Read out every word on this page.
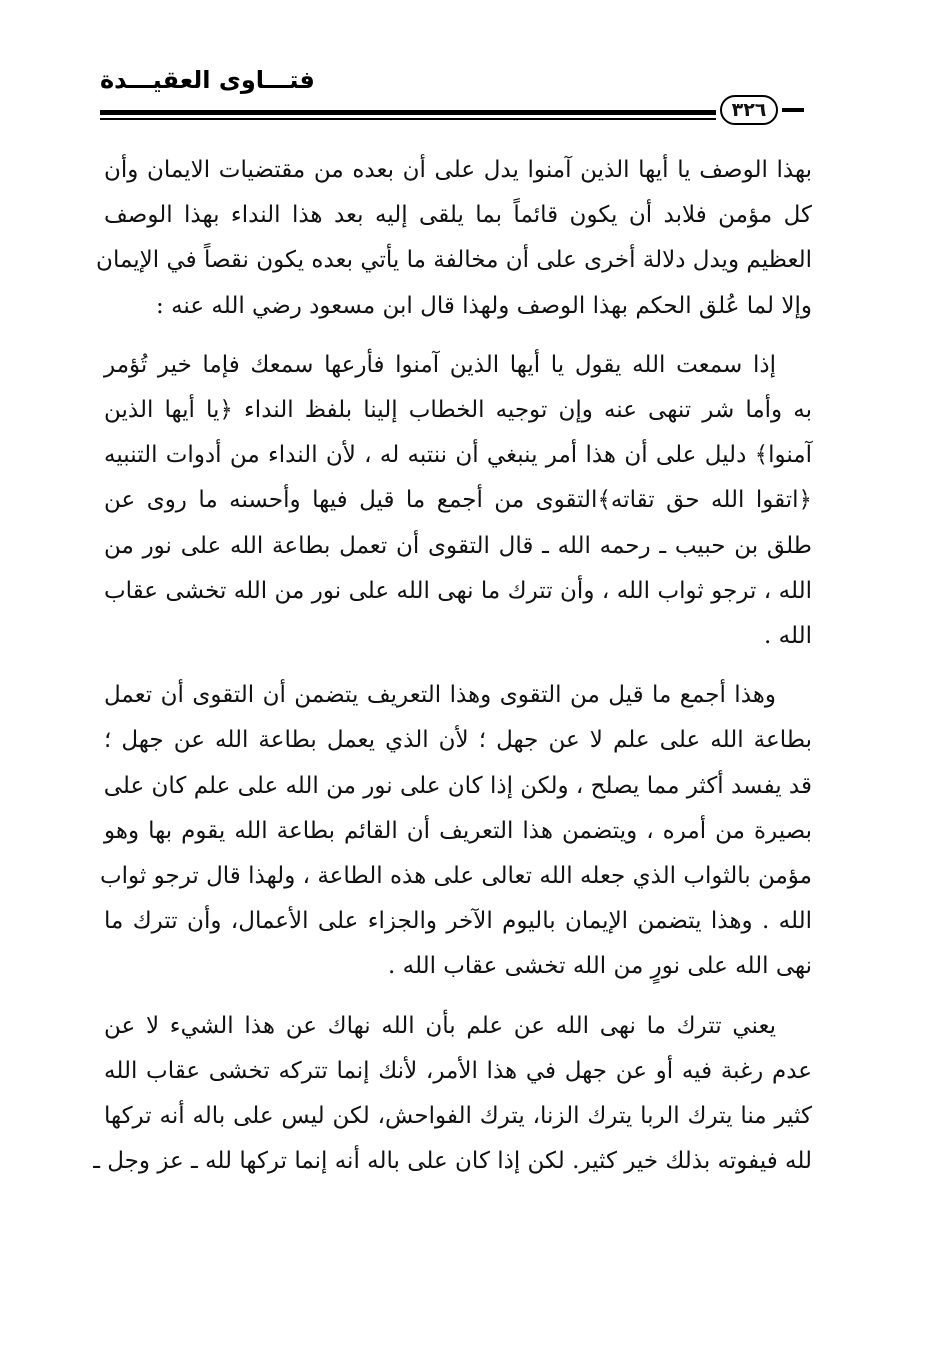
فتـــاوى العقيـــدة
٣٢٦
بهذا الوصف يا أيها الذين آمنوا يدل على أن بعده من مقتضيات الايمان وأن
كل مؤمن فلابد أن يكون قائماً بما يلقى إليه بعد هذا النداء بهذا الوصف
العظيم ويدل دلالة أخرى على أن مخالفة ما يأتي بعده يكون نقصاً في الإيمان
وإلا لما عُلق الحكم بهذا الوصف ولهذا قال ابن مسعود رضي الله عنه :
إذا سمعت الله يقول يا أيها الذين آمنوا فأرعها سمعك فإما خير تُؤمر
به وأما شر تنهى عنه وإن توجيه الخطاب إلينا بلفظ النداء ﴿يا أيها الذين
آمنوا﴾ دليل على أن هذا أمر ينبغي أن ننتبه له ، لأن النداء من أدوات التنبيه
﴿اتقوا الله حق تقاته﴾التقوى من أجمع ما قيل فيها وأحسنه ما روى عن
طلق بن حبيب ـ رحمه الله ـ قال التقوى أن تعمل بطاعة الله على نور من
الله ، ترجو ثواب الله ، وأن تترك ما نهى الله على نور من الله تخشى عقاب
الله .
وهذا أجمع ما قيل من التقوى وهذا التعريف يتضمن أن التقوى أن تعمل
بطاعة الله على علم لا عن جهل ؛ لأن الذي يعمل بطاعة الله عن جهل ؛
قد يفسد أكثر مما يصلح ، ولكن إذا كان على نور من الله على علم كان على
بصيرة من أمره ، ويتضمن هذا التعريف أن القائم بطاعة الله يقوم بها وهو
مؤمن بالثواب الذي جعله الله تعالى على هذه الطاعة ، ولهذا قال ترجو ثواب
الله . وهذا يتضمن الإيمان باليوم الآخر والجزاء على الأعمال، وأن تترك ما
نهى الله على نورٍ من الله تخشى عقاب الله .
يعني تترك ما نهى الله عن علم بأن الله نهاك عن هذا الشيء لا عن
عدم رغبة فيه أو عن جهل في هذا الأمر، لأنك إنما تتركه تخشى عقاب الله
كثير منا يترك الربا يترك الزنا، يترك الفواحش، لكن ليس على باله أنه تركها
لله فيفوته بذلك خير كثير. لكن إذا كان على باله أنه إنما تركها لله ـ عز وجل ـ
